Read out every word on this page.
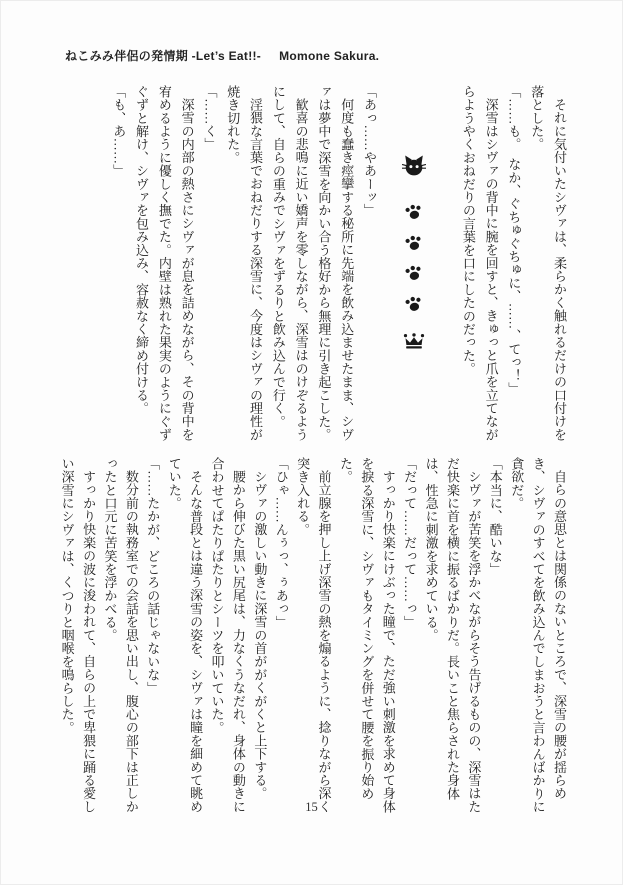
ねこみみ伴侶の発情期 -Let’s Eat!!- Momone Sakura.

それに気付いたシヴァは、柔らかく触れるだけの口付けを落とした。

「……も。　なか、ぐちゅぐちゅに、……、てっ！」

深雪はシヴァの背中に腕を回すと、きゅっと爪を立てながらようやくおねだりの言葉を口にしたのだった。

「あっ……やあーッ」

何度も蠢き痙攣する秘所に先端を飲み込ませたまま、シヴァは夢中で深雪を向かい合う格好から無理に引き起こした。

歓喜の悲鳴に近い嬌声を零しながら、深雪はのけぞるようにして、自らの重みでシヴァをずるりと飲み込んで行く。

淫猥な言葉でおねだりする深雪に、今度はシヴァの理性が焼き切れた。

「……く」

深雪の内部の熱さにシヴァが息を詰めながら、その背中を宥めるように優しく撫でた。内壁は熟れた果実のようにぐずぐずと解け、シヴァを包み込み、容赦なく締め付ける。

「も、あ……」

自らの意思とは関係のないところで、深雪の腰が揺らめき、シヴァのすべてを飲み込んでしまおうと言わんばかりに貪欲だ。

「本当に、酷いな」

シヴァが苦笑を浮かべながらそう告げるものの、深雪はただ快楽に首を横に振るばかりだ。長いこと焦らされた身体は、性急に刺激を求めている。

「だって……だって……っ」

すっかり快楽にけぶった瞳で、ただ強い刺激を求めて身体を捩る深雪に、シヴァもタイミングを併せて腰を振り始めた。

前立腺を押し上げ深雪の熱を煽るように、捻りながら深く突き入れる。

「ひゃ……んぅっ、ぅあっ」

シヴァの激しい動きに深雪の首ががくがくと上下する。

腰から伸びた黒い尻尾は、力なくうなだれ、身体の動きに合わせてぱたりぱたりとシーツを叩いていた。

そんな普段とは違う深雪の姿を、シヴァは瞳を細めて眺めていた。

「……たかが、どころの話じゃないな」

数分前の執務室での会話を思い出し、腹心の部下は正しかったと口元に苦笑を浮かべる。

すっかり快楽の波に浚われて、自らの上で卑猥に踊る愛しい深雪にシヴァは、くつりと咽喉を鳴らした。

15
